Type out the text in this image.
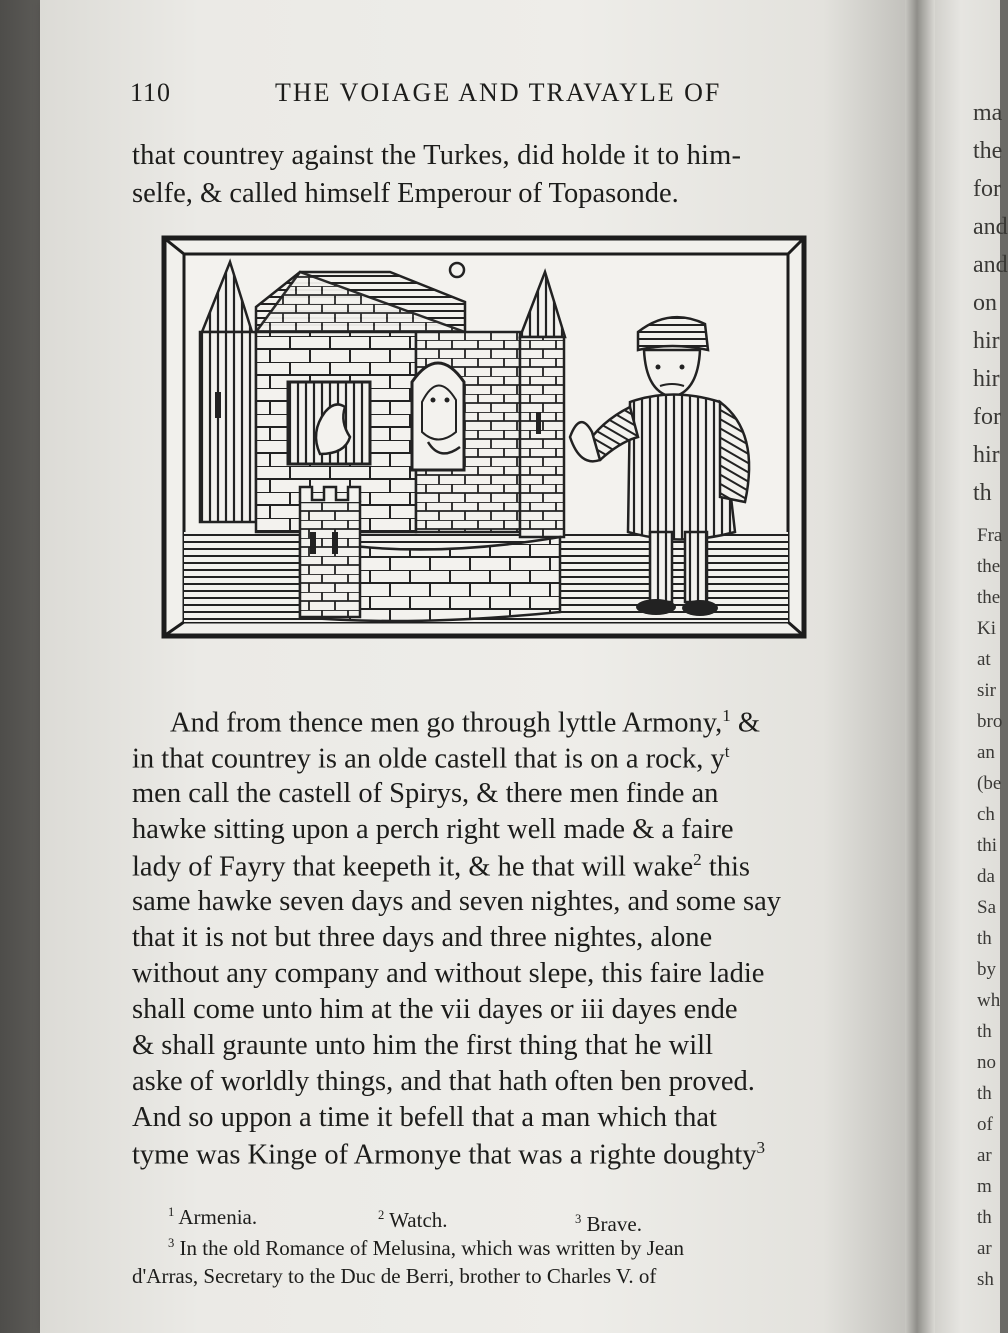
ma
the
for
and
and
on
hir
hir
for
hir
th
Fra
the
the
Ki
at
sir
bro
an
(be
ch
thi
da
Sa
th
by
wh
th
no
th
of
ar
m
th
ar
sh
110	THE VOIAGE AND TRAVAYLE OF
that countrey against the Turkes, did holde it to him-
selfe, & called himself Emperour of Topasonde.
And from thence men go through lyttle Armony,$^1$ &
in that countrey is an olde castell that is on a rock, $y^t$
men call the castell of Spirys, & there men finde an
hawke sitting upon a perch right well made & a faire
lady of Fayry that keepeth it, & he that will wake$^2$ this
same hawke seven days and seven nightes, and some say
that it is not but three days and three nightes, alone
without any company and without slepe, this faire ladie
shall come unto him at the vii dayes or iii dayes ende
& shall graunte unto him the first thing that he will
aske of worldly things, and that hath often ben proved.
And so uppon a time it befell that a man which that
tyme was Kinge of Armonye that was a righte doughty$^3$
$^1$ Armenia.	$^2$ Watch.	$^3$ Brave.
$^3$ In the old Romance of Melusina, which was written by Jean
d'Arras, Secretary to the Duc de Berri, brother to Charles V. of
